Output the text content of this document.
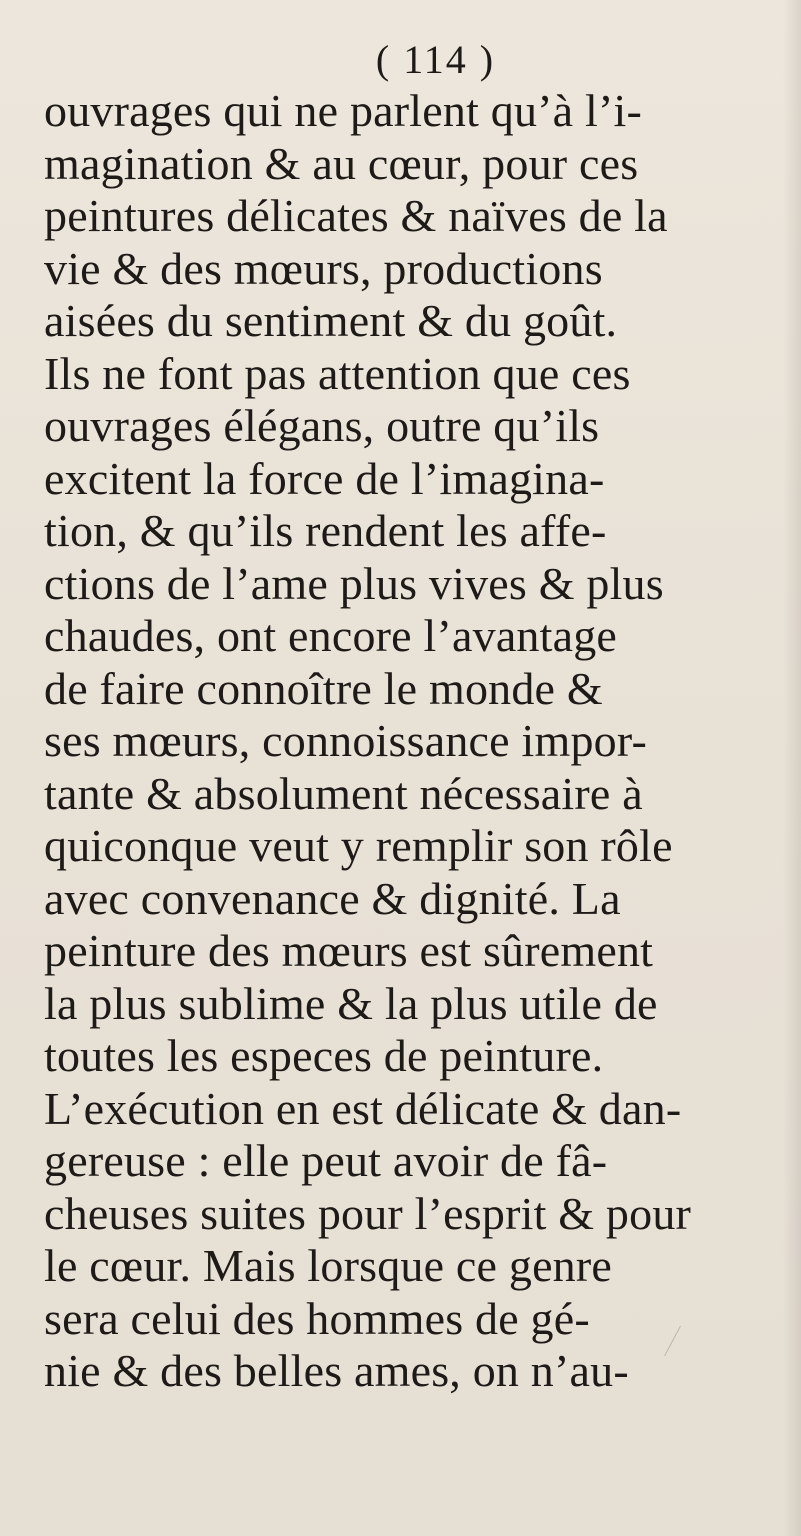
( 114 )
ouvrages qui ne parlent qu’à l’i-
magination & au cœur, pour ces
peintures délicates & naïves de la
vie & des mœurs, productions
aisées du sentiment & du goût.
Ils ne font pas attention que ces
ouvrages élégans, outre qu’ils
excitent la force de l’imagina-
tion, & qu’ils rendent les affe-
ctions de l’ame plus vives & plus
chaudes, ont encore l’avantage
de faire connoître le monde &
ses mœurs, connoissance impor-
tante & absolument nécessaire à
quiconque veut y remplir son rôle
avec convenance & dignité. La
peinture des mœurs est sûrement
la plus sublime & la plus utile de
toutes les especes de peinture.
L’exécution en est délicate & dan-
gereuse : elle peut avoir de fâ-
cheuses suites pour l’esprit & pour
le cœur. Mais lorsque ce genre
sera celui des hommes de gé-
nie & des belles ames, on n’au-
